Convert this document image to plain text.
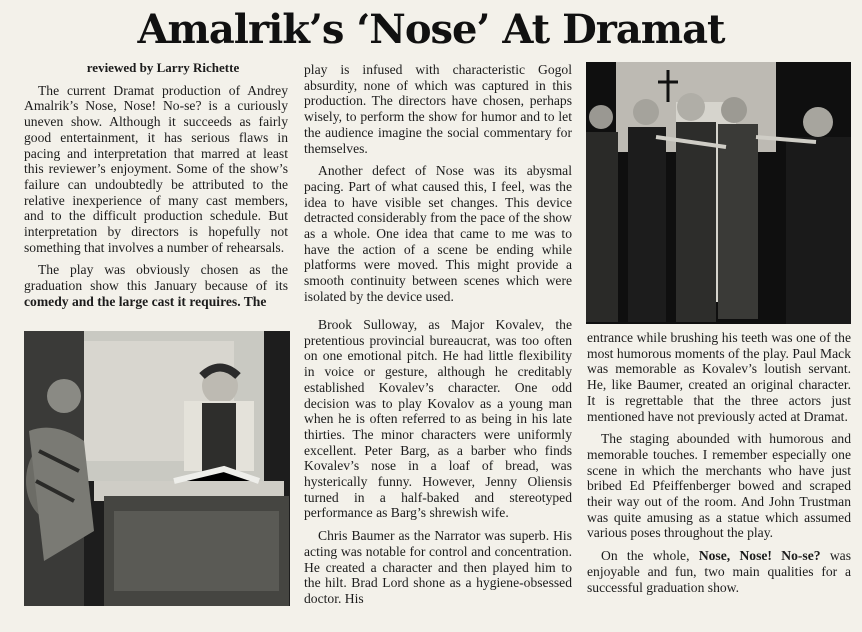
Amalrik’s ‘Nose’ At Dramat

reviewed by Larry Richette

The current Dramat production of Andrey Amalrik’s Nose, Nose! No-se? is a curiously uneven show. Although it succeeds as fairly good entertainment, it has serious flaws in pacing and interpretation that marred at least this reviewer’s enjoyment. Some of the show’s failure can undoubtedly be attributed to the relative inexperience of many cast members, and to the difficult production schedule. But interpretation by directors is hopefully not something that involves a number of rehearsals.

The play was obviously chosen as the graduation show this January because of its comedy and the large cast it requires. The

play is infused with characteristic Gogol absurdity, none of which was captured in this production. The directors have chosen, perhaps wisely, to perform the show for humor and to let the audience imagine the social commentary for themselves.

Another defect of Nose was its abysmal pacing. Part of what caused this, I feel, was the idea to have visible set changes. This device detracted considerably from the pace of the show as a whole. One idea that came to me was to have the action of a scene be ending while platforms were moved. This might provide a smooth continuity between scenes which were isolated by the device used.

Brook Sulloway, as Major Kovalev, the pretentious provincial bureaucrat, was too often on one emotional pitch. He had little flexibility in voice or gesture, although he creditably established Kovalev’s character. One odd decision was to play Kovalov as a young man when he is often referred to as being in his late thirties. The minor characters were uniformly excellent. Peter Barg, as a barber who finds Kovalev’s nose in a loaf of bread, was hysterically funny. However, Jenny Oliensis turned in a half-baked and stereotyped performance as Barg’s shrewish wife.

Chris Baumer as the Narrator was superb. His acting was notable for control and concentration. He created a character and then played him to the hilt. Brad Lord shone as a hygiene-obsessed doctor. His

entrance while brushing his teeth was one of the most humorous moments of the play. Paul Mack was memorable as Kovalev’s loutish servant. He, like Baumer, created an original character. It is regrettable that the three actors just mentioned have not previously acted at Dramat.

The staging abounded with humorous and memorable touches. I remember especially one scene in which the merchants who have just bribed Ed Pfeiffenberger bowed and scraped their way out of the room. And John Trustman was quite amusing as a statue which assumed various poses throughout the play.

On the whole, Nose, Nose! No-se? was enjoyable and fun, two main qualities for a successful graduation show.
